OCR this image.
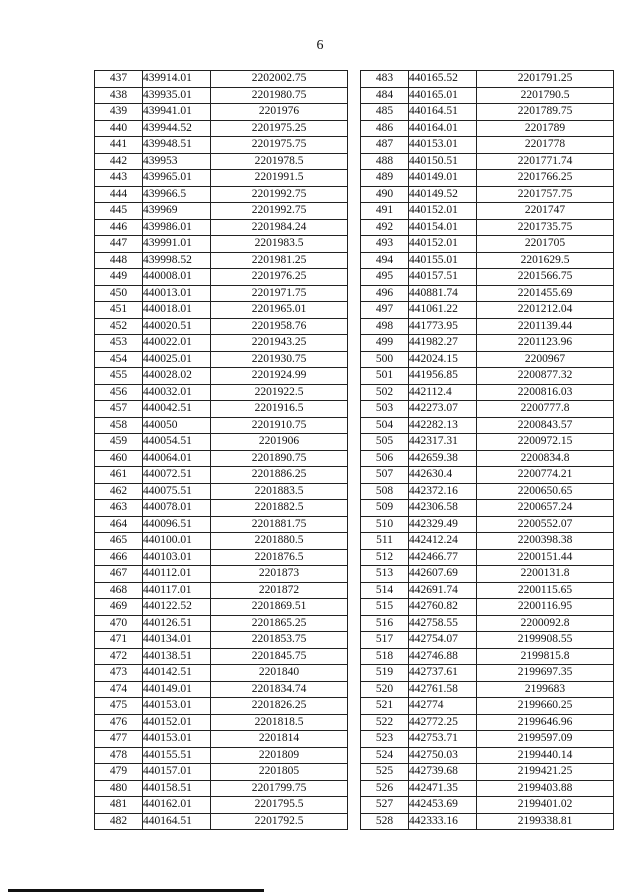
6
437	439914.01	2202002.75
438	439935.01	2201980.75
439	439941.01	2201976
440	439944.52	2201975.25
441	439948.51	2201975.75
442	439953	2201978.5
443	439965.01	2201991.5
444	439966.5	2201992.75
445	439969	2201992.75
446	439986.01	2201984.24
447	439991.01	2201983.5
448	439998.52	2201981.25
449	440008.01	2201976.25
450	440013.01	2201971.75
451	440018.01	2201965.01
452	440020.51	2201958.76
453	440022.01	2201943.25
454	440025.01	2201930.75
455	440028.02	2201924.99
456	440032.01	2201922.5
457	440042.51	2201916.5
458	440050	2201910.75
459	440054.51	2201906
460	440064.01	2201890.75
461	440072.51	2201886.25
462	440075.51	2201883.5
463	440078.01	2201882.5
464	440096.51	2201881.75
465	440100.01	2201880.5
466	440103.01	2201876.5
467	440112.01	2201873
468	440117.01	2201872
469	440122.52	2201869.51
470	440126.51	2201865.25
471	440134.01	2201853.75
472	440138.51	2201845.75
473	440142.51	2201840
474	440149.01	2201834.74
475	440153.01	2201826.25
476	440152.01	2201818.5
477	440153.01	2201814
478	440155.51	2201809
479	440157.01	2201805
480	440158.51	2201799.75
481	440162.01	2201795.5
482	440164.51	2201792.5
483	440165.52	2201791.25
484	440165.01	2201790.5
485	440164.51	2201789.75
486	440164.01	2201789
487	440153.01	2201778
488	440150.51	2201771.74
489	440149.01	2201766.25
490	440149.52	2201757.75
491	440152.01	2201747
492	440154.01	2201735.75
493	440152.01	2201705
494	440155.01	2201629.5
495	440157.51	2201566.75
496	440881.74	2201455.69
497	441061.22	2201212.04
498	441773.95	2201139.44
499	441982.27	2201123.96
500	442024.15	2200967
501	441956.85	2200877.32
502	442112.4	2200816.03
503	442273.07	2200777.8
504	442282.13	2200843.57
505	442317.31	2200972.15
506	442659.38	2200834.8
507	442630.4	2200774.21
508	442372.16	2200650.65
509	442306.58	2200657.24
510	442329.49	2200552.07
511	442412.24	2200398.38
512	442466.77	2200151.44
513	442607.69	2200131.8
514	442691.74	2200115.65
515	442760.82	2200116.95
516	442758.55	2200092.8
517	442754.07	2199908.55
518	442746.88	2199815.8
519	442737.61	2199697.35
520	442761.58	2199683
521	442774	2199660.25
522	442772.25	2199646.96
523	442753.71	2199597.09
524	442750.03	2199440.14
525	442739.68	2199421.25
526	442471.35	2199403.88
527	442453.69	2199401.02
528	442333.16	2199338.81
